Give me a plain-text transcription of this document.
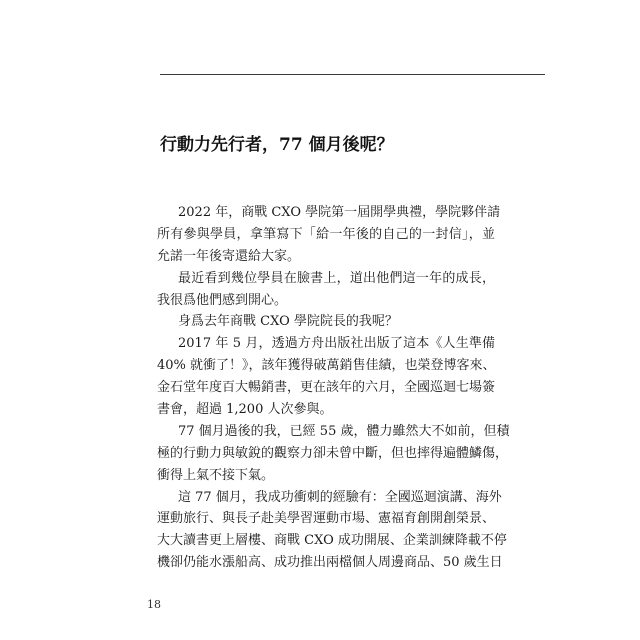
行動力先行者，77 個月後呢？
2022 年，商戰 CXO 學院第一屆開學典禮，學院夥伴請
所有參與學員，拿筆寫下「給一年後的自己的一封信」，並
允諾一年後寄還給大家。
最近看到幾位學員在臉書上，道出他們這一年的成長，
我很爲他們感到開心。
身爲去年商戰 CXO 學院院長的我呢？
2017 年 5 月，透過方舟出版社出版了這本《人生準備
40% 就衝了！》，該年獲得破萬銷售佳績，也榮登博客來、
金石堂年度百大暢銷書，更在該年的六月，全國巡迴七場簽
書會，超過 1,200 人次參與。
77 個月過後的我，已經 55 歲，體力雖然大不如前，但積
極的行動力與敏銳的觀察力卻未曾中斷，但也摔得遍體鱗傷，
衝得上氣不接下氣。
這 77 個月，我成功衝刺的經驗有：全國巡迴演講、海外
運動旅行、與長子赴美學習運動市場、憲福育創開創榮景、
大大讀書更上層樓、商戰 CXO 成功開展、企業訓練降載不停
機卻仍能水漲船高、成功推出兩檔個人周邊商品、50 歲生日
18
